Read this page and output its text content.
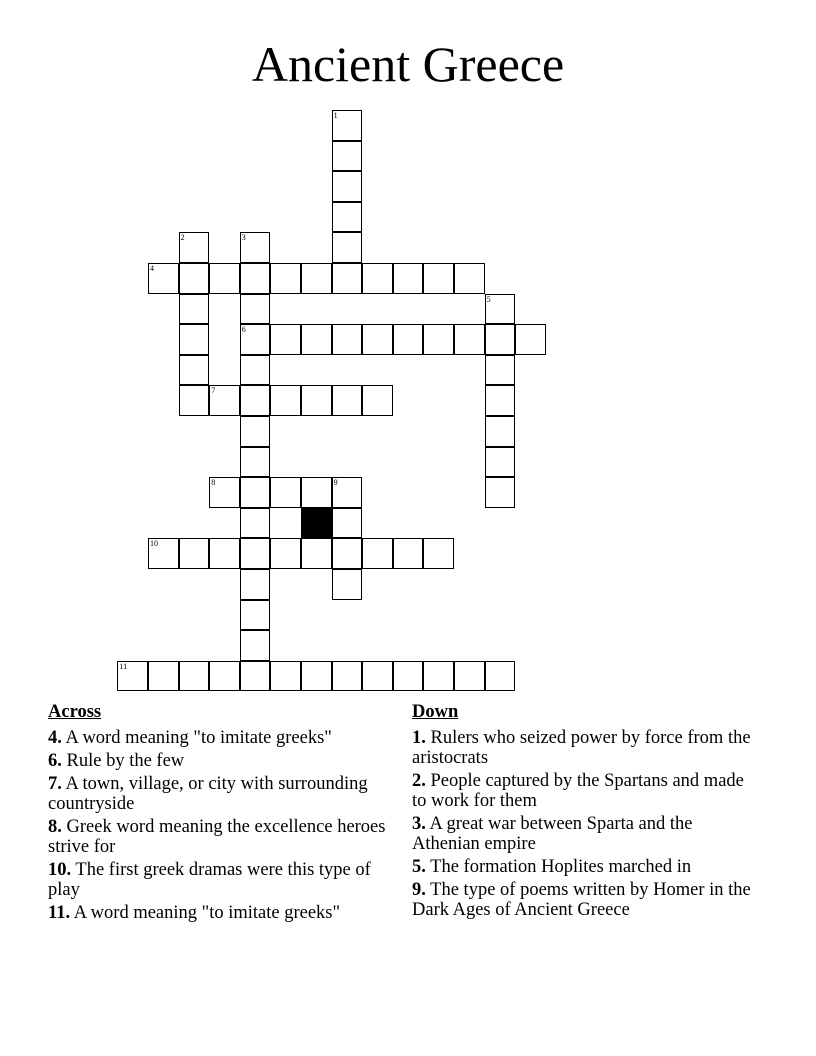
Ancient Greece
1
2	3
4
5
6
7
8	9
10
11
Across
4. A word meaning "to imitate greeks"
6. Rule by the few
7. A town, village, or city with surrounding countryside
8. Greek word meaning the excellence heroes strive for
10. The first greek dramas were this type of play
11. A word meaning "to imitate greeks"
Down
1. Rulers who seized power by force from the aristocrats
2. People captured by the Spartans and made to work for them
3. A great war between Sparta and the Athenian empire
5. The formation Hoplites marched in
9. The type of poems written by Homer in the Dark Ages of Ancient Greece
